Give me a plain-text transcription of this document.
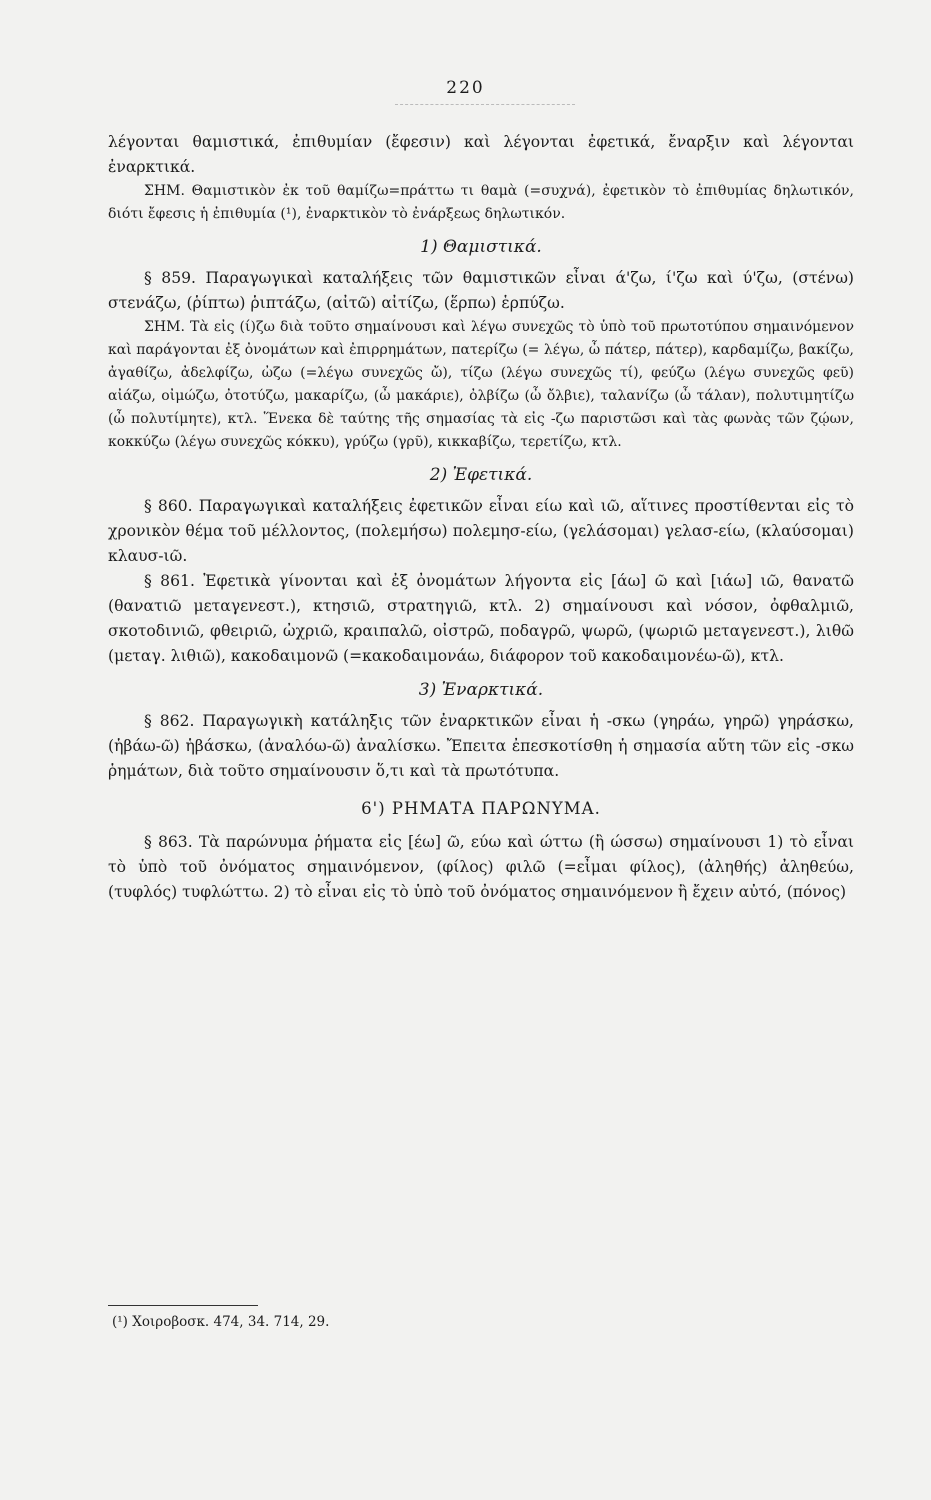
220

λέγονται θαμιστικά, ἐπιθυμίαν (ἔφεσιν) καὶ λέγονται ἐφετικά, ἔναρξιν καὶ λέγονται ἐναρκτικά.

ΣΗΜ. Θαμιστικὸν ἐκ τοῦ θαμίζω=πράττω τι θαμὰ (=συχνά), ἐφετικὸν τὸ ἐπιθυμίας δηλωτικόν, διότι ἔφεσις ἡ ἐπιθυμία (¹), ἐναρκτικὸν τὸ ἐνάρξεως δηλωτικόν.

1) Θαμιστικά.

§ 859. Παραγωγικαὶ καταλήξεις τῶν θαμιστικῶν εἶναι ά'ζω, ί'ζω καὶ ύ'ζω, (στένω) στενάζω, (ῥίπτω) ῥιπτάζω, (αἰτῶ) αἰτίζω, (ἕρπω) ἑρπύζω.

ΣΗΜ. Τὰ εἰς (ί)ζω διὰ τοῦτο σημαίνουσι καὶ λέγω συνεχῶς τὸ ὑπὸ τοῦ πρωτοτύπου σημαινόμενον καὶ παράγονται ἐξ ὀνομάτων καὶ ἐπιρρημάτων, πατερίζω (= λέγω, ὦ πάτερ, πάτερ), καρδαμίζω, βακίζω, ἀγαθίζω, ἀδελφίζω, ὠζω (=λέγω συνεχῶς ὤ), τίζω (λέγω συνεχῶς τί), φεύζω (λέγω συνεχῶς φεῦ) αἰάζω, οἰμώζω, ὀτοτύζω, μακαρίζω, (ὦ μακάριε), ὀλβίζω (ὦ ὄλβιε), ταλανίζω (ὦ τάλαν), πολυτιμητίζω (ὦ πολυτίμητε), κτλ. Ἕνεκα δὲ ταύτης τῆς σημασίας τὰ εἰς -ζω παριστῶσι καὶ τὰς φωνὰς τῶν ζῴων, κοκκύζω (λέγω συνεχῶς κόκκυ), γρύζω (γρῦ), κικκαβίζω, τερετίζω, κτλ.

2) Ἐφετικά.

§ 860. Παραγωγικαὶ καταλήξεις ἐφετικῶν εἶναι είω καὶ ιῶ, αἵτινες προστίθενται εἰς τὸ χρονικὸν θέμα τοῦ μέλλοντος, (πολεμήσω) πολεμησ-είω, (γελάσομαι) γελασ-είω, (κλαύσομαι) κλαυσ-ιῶ.

§ 861. Ἐφετικὰ γίνονται καὶ ἐξ ὀνομάτων λήγοντα εἰς [άω] ῶ καὶ [ιάω] ιῶ, θανατῶ (θανατιῶ μεταγενεστ.), κτησιῶ, στρατηγιῶ, κτλ. 2) σημαίνουσι καὶ νόσον, ὀφθαλμιῶ, σκοτοδινιῶ, φθειριῶ, ὠχριῶ, κραιπαλῶ, οἰστρῶ, ποδαγρῶ, ψωρῶ, (ψωριῶ μεταγενεστ.), λιθῶ (μεταγ. λιθιῶ), κακοδαιμονῶ (=κακοδαιμονάω, διάφορον τοῦ κακοδαιμονέω-ῶ), κτλ.

3) Ἐναρκτικά.

§ 862. Παραγωγικὴ κατάληξις τῶν ἐναρκτικῶν εἶναι ἡ -σκω (γηράω, γηρῶ) γηράσκω, (ἡβάω-ῶ) ἡβάσκω, (ἀναλόω-ῶ) ἀναλίσκω. Ἔπειτα ἐπεσκοτίσθη ἡ σημασία αὕτη τῶν εἰς -σκω ῥημάτων, διὰ τοῦτο σημαίνουσιν ὅ,τι καὶ τὰ πρωτότυπα.

6') ΡΗΜΑΤΑ ΠΑΡΩΝΥΜΑ.

§ 863. Τὰ παρώνυμα ῥήματα εἰς [έω] ῶ, εύω καὶ ώττω (ἢ ώσσω) σημαίνουσι 1) τὸ εἶναι τὸ ὑπὸ τοῦ ὀνόματος σημαινόμενον, (φίλος) φιλῶ (=εἶμαι φίλος), (ἀληθής) ἀληθεύω, (τυφλός) τυφλώττω. 2) τὸ εἶναι εἰς τὸ ὑπὸ τοῦ ὀνόματος σημαινόμενον ἢ ἔχειν αὐτό, (πόνος)

(¹) Χοιροβοσκ. 474, 34. 714, 29.
